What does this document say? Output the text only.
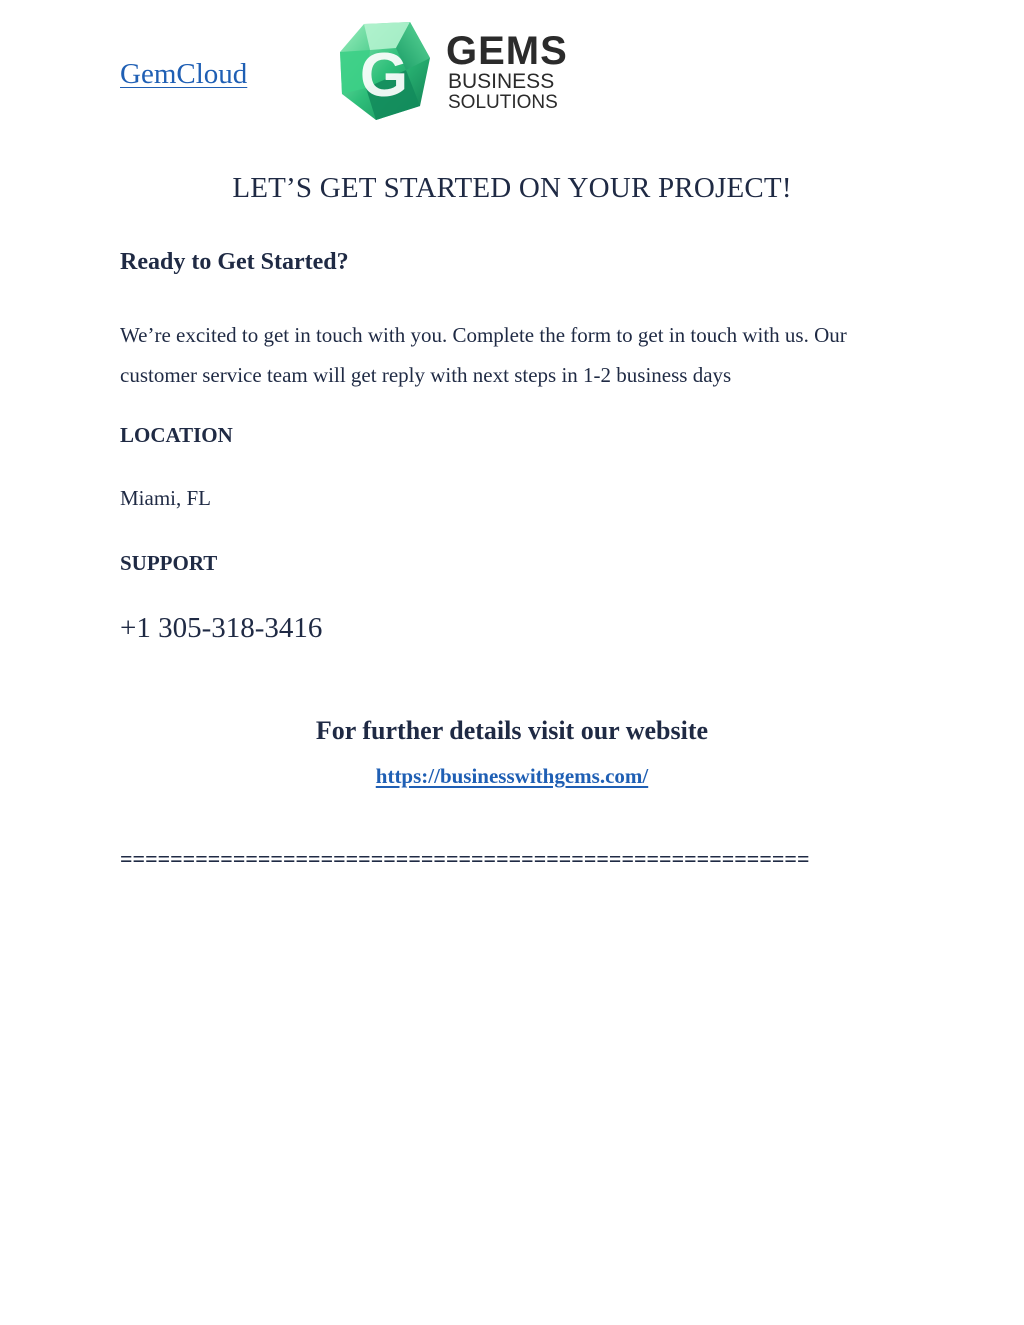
GemCloud G GEMS
BUSINESS
SOLUTIONS
LET’S GET STARTED ON YOUR PROJECT!
Ready to Get Started?

We’re excited to get in touch with you. Complete the form to get in touch with us. Our customer service team will get reply with next steps in 1-2 business days

LOCATION
Miami, FL
SUPPORT
+1 305-318-3416
For further details visit our website
https://businesswithgems.com/
=======================================================
